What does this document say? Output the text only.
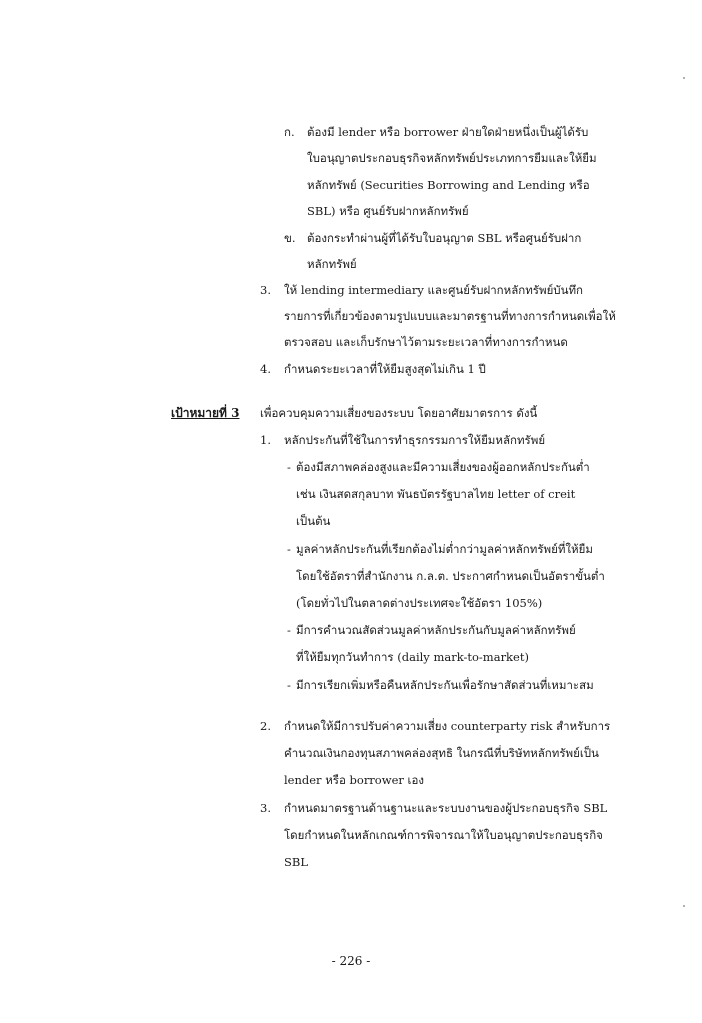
ก. ต้องมี lender หรือ borrower ฝ่ายใดฝ่ายหนึ่งเป็นผู้ได้รับ
ใบอนุญาตประกอบธุรกิจหลักทรัพย์ประเภทการยืมและให้ยืม
หลักทรัพย์ (Securities Borrowing and Lending หรือ
SBL) หรือ ศูนย์รับฝากหลักทรัพย์
ข. ต้องกระทำผ่านผู้ที่ได้รับใบอนุญาต SBL หรือศูนย์รับฝาก
หลักทรัพย์
3. ให้ lending intermediary และศูนย์รับฝากหลักทรัพย์บันทึก
รายการที่เกี่ยวข้องตามรูปแบบและมาตรฐานที่ทางการกำหนดเพื่อให้
ตรวจสอบ และเก็บรักษาไว้ตามระยะเวลาที่ทางการกำหนด
4. กำหนดระยะเวลาที่ให้ยืมสูงสุดไม่เกิน 1 ปี
เป้าหมายที่ 3 เพื่อควบคุมความเสี่ยงของระบบ โดยอาศัยมาตรการ ดังนี้
1. หลักประกันที่ใช้ในการทำธุรกรรมการให้ยืมหลักทรัพย์
- ต้องมีสภาพคล่องสูงและมีความเสี่ยงของผู้ออกหลักประกันต่ำ
เช่น เงินสดสกุลบาท พันธบัตรรัฐบาลไทย letter of creit
เป็นต้น
- มูลค่าหลักประกันที่เรียกต้องไม่ต่ำกว่ามูลค่าหลักทรัพย์ที่ให้ยืม
โดยใช้อัตราที่สำนักงาน ก.ล.ต. ประกาศกำหนดเป็นอัตราขั้นต่ำ
(โดยทั่วไปในตลาดต่างประเทศจะใช้อัตรา 105%)
- มีการคำนวณสัดส่วนมูลค่าหลักประกันกับมูลค่าหลักทรัพย์
ที่ให้ยืมทุกวันทำการ (daily mark-to-market)
- มีการเรียกเพิ่มหรือคืนหลักประกันเพื่อรักษาสัดส่วนที่เหมาะสม
2. กำหนดให้มีการปรับค่าความเสี่ยง counterparty risk สำหรับการ
คำนวณเงินกองทุนสภาพคล่องสุทธิ ในกรณีที่บริษัทหลักทรัพย์เป็น
lender หรือ borrower เอง
3. กำหนดมาตรฐานด้านฐานะและระบบงานของผู้ประกอบธุรกิจ SBL
โดยกำหนดในหลักเกณฑ์การพิจารณาให้ใบอนุญาตประกอบธุรกิจ
SBL
- 226 -
